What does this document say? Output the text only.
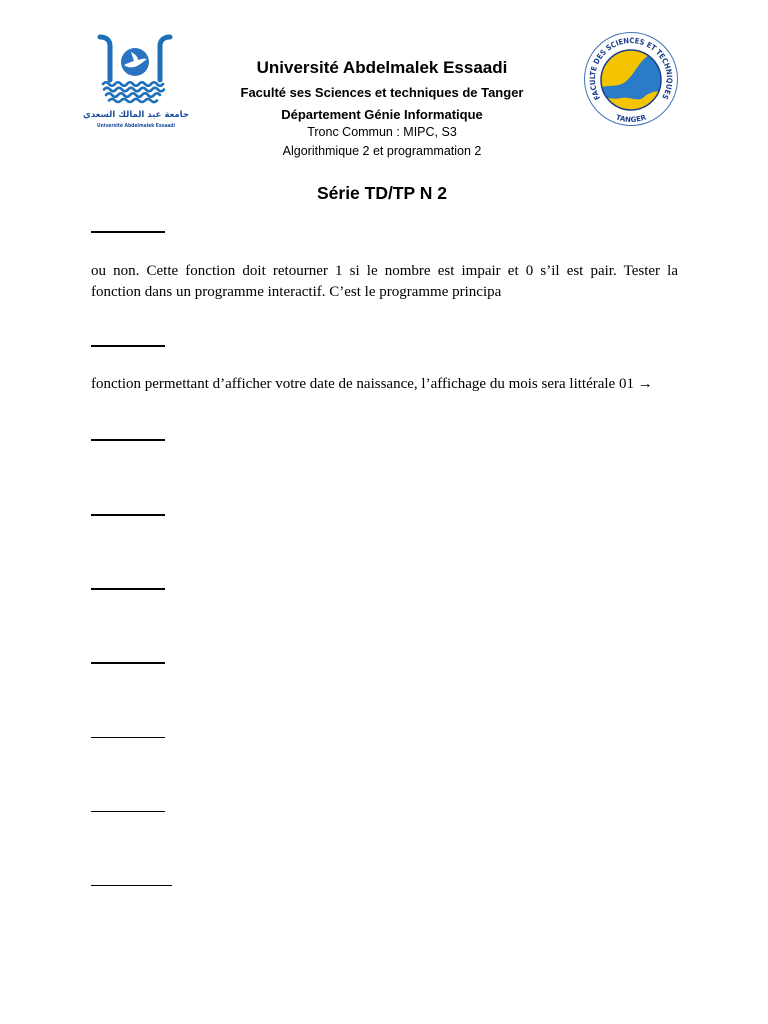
جامعة عبد المالك السعدي
Université Abdelmalek Essaadi
Université Abdelmalek Essaadi
Faculté ses Sciences et techniques de Tanger
Département Génie Informatique
Tronc Commun : MIPC, S3
Algorithmique 2 et programmation 2
FACULTE DES SCIENCES ET TECHNIQUES
TANGER
Série TD/TP N 2

ou non. Cette fonction doit retourner 1 si le nombre est impair et 0 s’il est pair. Tester la

fonction dans un programme interactif. C’est le programme principa

fonction permettant d’afficher votre date de naissance, l’affichage du mois sera littérale 01 →
